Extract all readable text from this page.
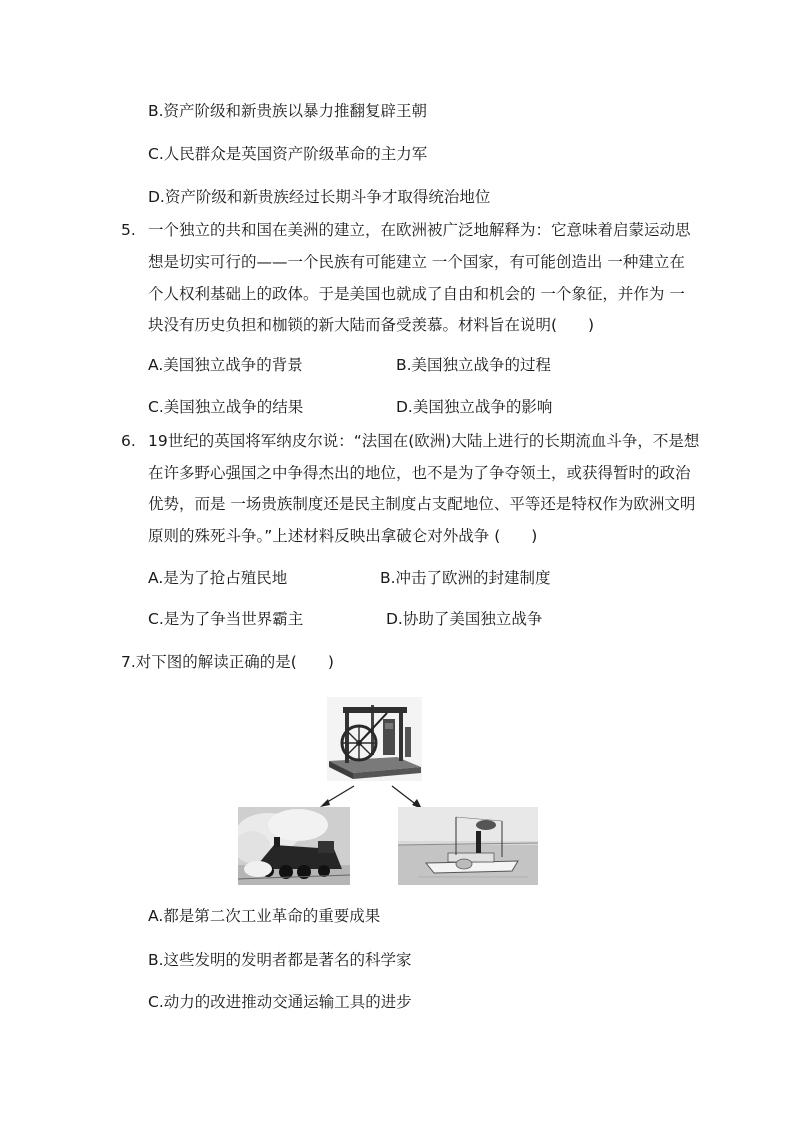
B.资产阶级和新贵族以暴力推翻复辟王朝
C.人民群众是英国资产阶级革命的主力军
D.资产阶级和新贵族经过长期斗争才取得统治地位
5. 一个独立的共和国在美洲的建立，在欧洲被广泛地解释为：它意味着启蒙运动思
想是切实可行的——一个民族有可能建立 一个国家，有可能创造出 一种建立在
个人权利基础上的政体。于是美国也就成了自由和机会的 一个象征，并作为 一
块没有历史负担和枷锁的新大陆而备受羡慕。材料旨在说明(　　)
A.美国独立战争的背景	B.美国独立战争的过程
C.美国独立战争的结果	D.美国独立战争的影响
6. 19世纪的英国将军纳皮尔说：“法国在(欧洲)大陆上进行的长期流血斗争，不是想
在许多野心强国之中争得杰出的地位，也不是为了争夺领土，或获得暂时的政治
优势，而是 一场贵族制度还是民主制度占支配地位、平等还是特权作为欧洲文明
原则的殊死斗争。”上述材料反映出拿破仑对外战争 (　　)
A.是为了抢占殖民地	B.冲击了欧洲的封建制度
C.是为了争当世界霸主	D.协助了美国独立战争
7.对下图的解读正确的是(　　)
A.都是第二次工业革命的重要成果
B.这些发明的发明者都是著名的科学家
C.动力的改进推动交通运输工具的进步
